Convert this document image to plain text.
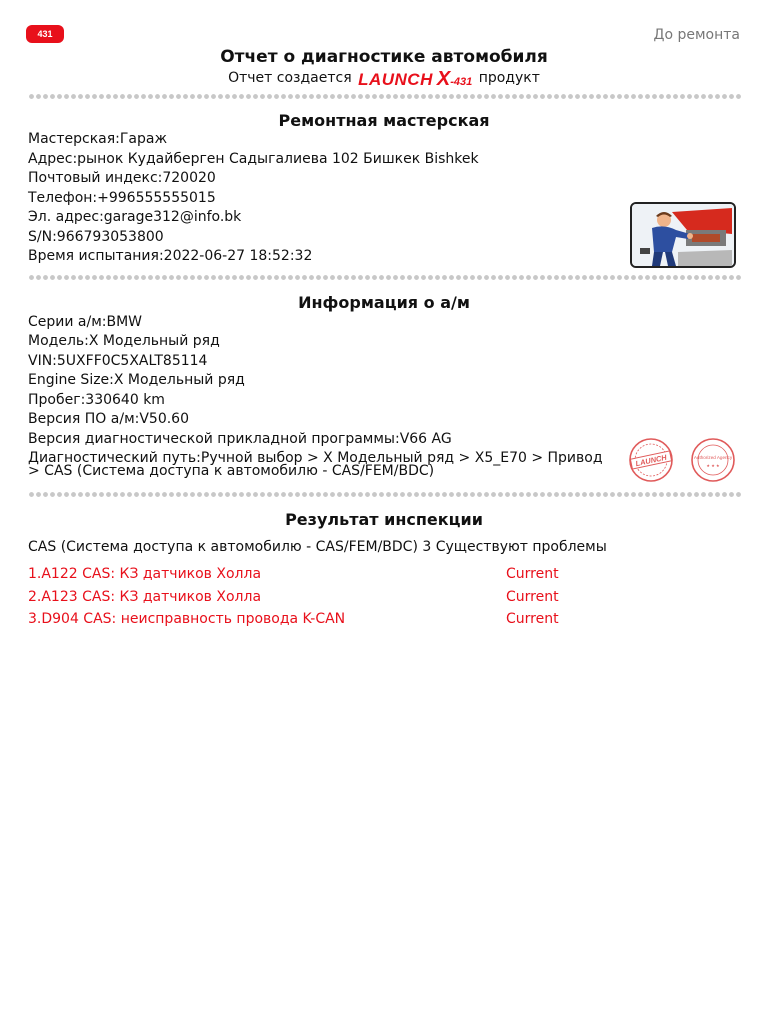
431	До ремонта
Отчет о диагностике автомобиля
Отчет создается LAUNCH X-431 продукт
Ремонтная мастерская
Мастерская:Гараж
Адрес:рынок Кудайберген Садыгалиева 102 Бишкек Bishkek
Почтовый индекс:720020
Телефон:+996555555015
Эл. адрес:garage312@info.bk
S/N:966793053800
Время испытания:2022-06-27 18:52:32
Информация о а/м
Серии а/м:BMW
Модель:X Модельный ряд
VIN:5UXFF0C5XALT85114
Engine Size:X Модельный ряд
Пробег:330640 km
Версия ПО а/м:V50.60
Версия диагностической прикладной программы:V66 AG
Диагностический путь:Ручной выбор > X Модельный ряд > X5_E70 > Привод > CAS (Система доступа к автомобилю - CAS/FEM/BDC)
LAUNCH	Authorized Agency
★ ★ ★
Результат инспекции
CAS (Система доступа к автомобилю - CAS/FEM/BDC) 3 Существуют проблемы
1.A122 CAS: КЗ датчиков Холла	Current
2.A123 CAS: КЗ датчиков Холла	Current
3.D904 CAS: неисправность провода K-CAN	Current
